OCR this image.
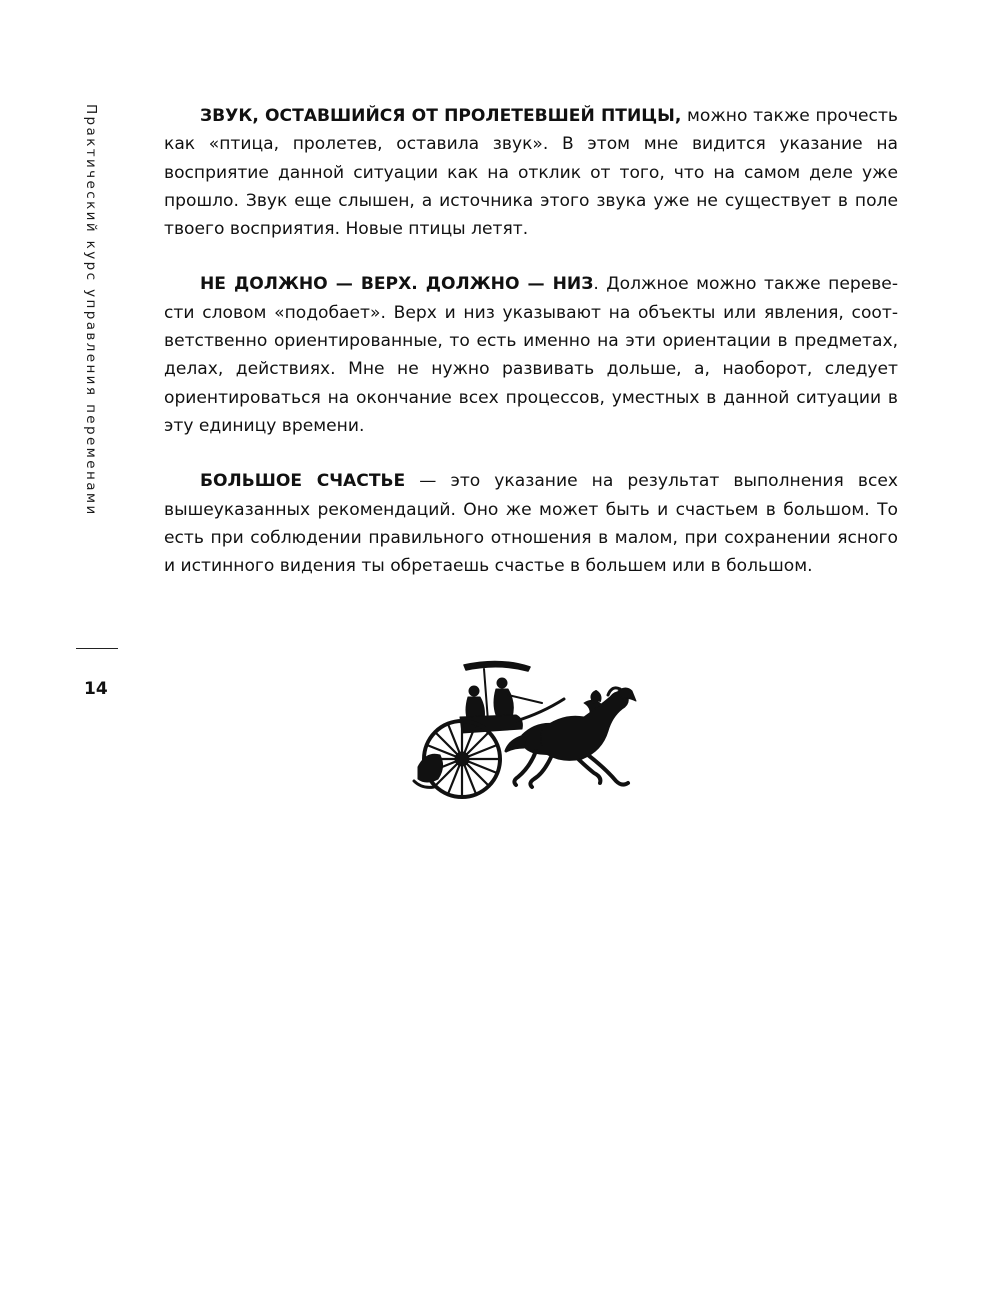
Практический курс управления переменами
14

ЗВУК, ОСТАВШИЙСЯ ОТ ПРОЛЕТЕВШЕЙ ПТИЦЫ, можно также прочесть как «птица, пролетев, оставила звук». В этом мне видится указание на восприятие данной ситуации как на отклик от того, что на самом деле уже прошло. Звук еще слышен, а источника этого звука уже не существует в поле твоего восприятия. Новые птицы летят.

НЕ ДОЛЖНО — ВЕРХ. ДОЛЖНО — НИЗ. Должное можно также перевести словом «подобает». Верх и низ указывают на объекты или явления, соответственно ориентированные, то есть именно на эти ориентации в предметах, делах, действиях. Мне не нужно развивать дольше, а, наоборот, следует ориентироваться на окончание всех процессов, уместных в данной ситуации в эту единицу времени.

БОЛЬШОЕ СЧАСТЬЕ — это указание на результат выполнения всех вышеуказанных рекомендаций. Оно же может быть и счастьем в большом. То есть при соблюдении правильного отношения в малом, при сохранении ясного и истинного видения ты обретаешь счастье в большем или в большом.
